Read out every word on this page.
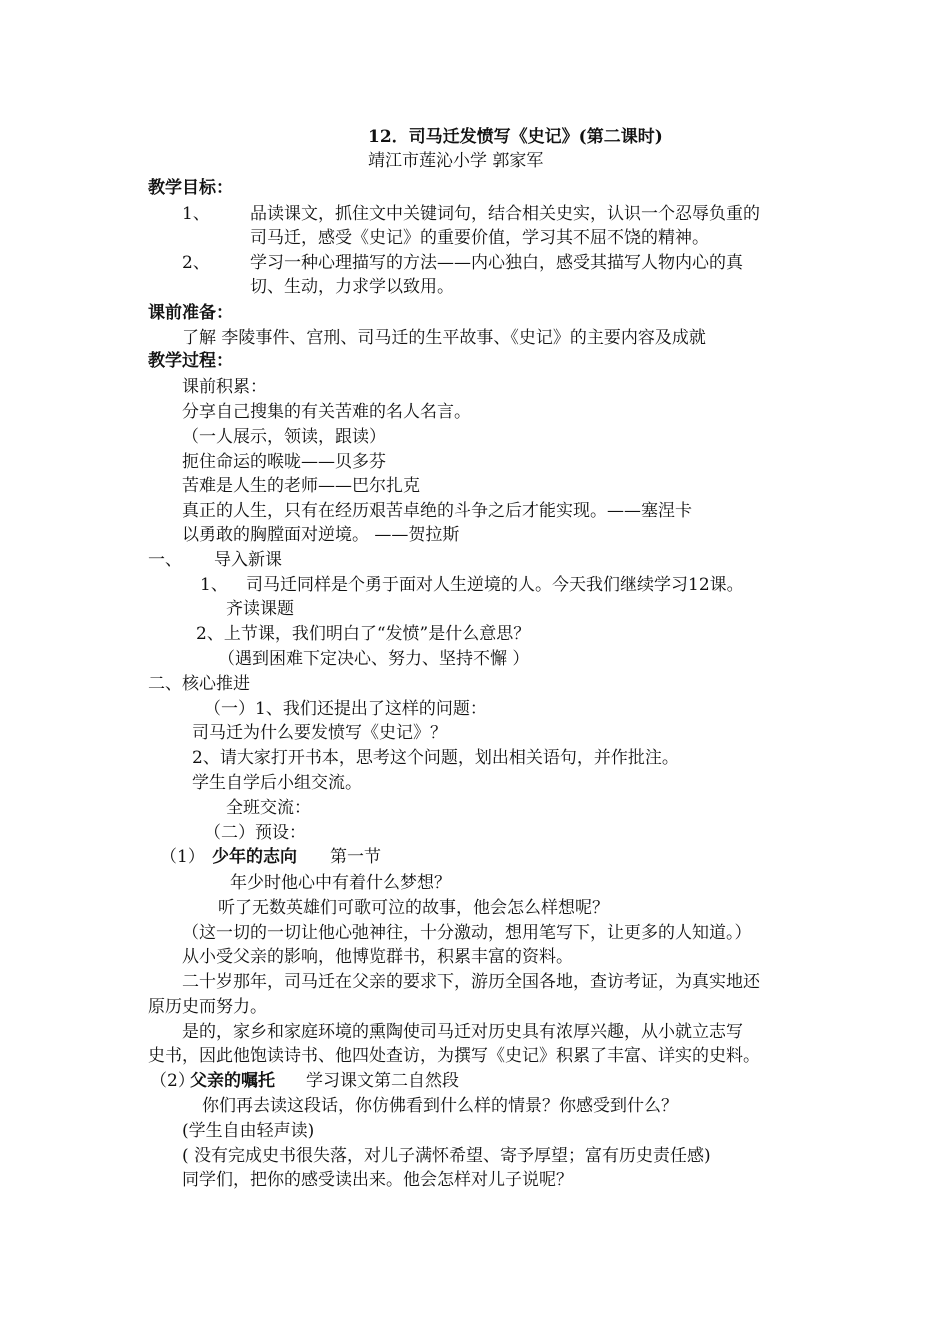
12．司马迁发愤写《史记》(第二课时)
靖江市莲沁小学 郭家军
教学目标：
1、 品读课文，抓住文中关键词句，结合相关史实，认识一个忍辱负重的
司马迁，感受《史记》的重要价值，学习其不屈不饶的精神。
2、 学习一种心理描写的方法——内心独白，感受其描写人物内心的真
切、生动，力求学以致用。
课前准备：
了解 李陵事件、宫刑、司马迁的生平故事、《史记》的主要内容及成就
教学过程：
课前积累：
分享自己搜集的有关苦难的名人名言。
（一人展示，领读，跟读）
扼住命运的喉咙——贝多芬
苦难是人生的老师——巴尔扎克
真正的人生，只有在经历艰苦卓绝的斗争之后才能实现。——塞涅卡
以勇敢的胸膛面对逆境。 ——贺拉斯
一、 导入新课
1、 司马迁同样是个勇于面对人生逆境的人。今天我们继续学习12课。
齐读课题
2、上节课，我们明白了“发愤”是什么意思？
（遇到困难下定决心、努力、坚持不懈 ）
二、核心推进
（一）1、我们还提出了这样的问题：
司马迁为什么要发愤写《史记》？
2、请大家打开书本，思考这个问题，划出相关语句，并作批注。
学生自学后小组交流。
全班交流：
（二）预设：
（1） 少年的志向 第一节
年少时他心中有着什么梦想？
听了无数英雄们可歌可泣的故事，他会怎么样想呢？
（这一切的一切让他心弛神往，十分激动，想用笔写下，让更多的人知道。）
从小受父亲的影响，他博览群书，积累丰富的资料。
二十岁那年，司马迁在父亲的要求下，游历全国各地，查访考证，为真实地还
原历史而努力。
是的，家乡和家庭环境的熏陶使司马迁对历史具有浓厚兴趣，从小就立志写
史书，因此他饱读诗书、他四处查访，为撰写《史记》积累了丰富、详实的史料。
（2）
父亲的嘱托 学习课文第二自然段
你们再去读这段话，你仿佛看到什么样的情景？你感受到什么？
(学生自由轻声读)
( 没有完成史书很失落，对儿子满怀希望、寄予厚望；富有历史责任感)
同学们，把你的感受读出来。他会怎样对儿子说呢？
